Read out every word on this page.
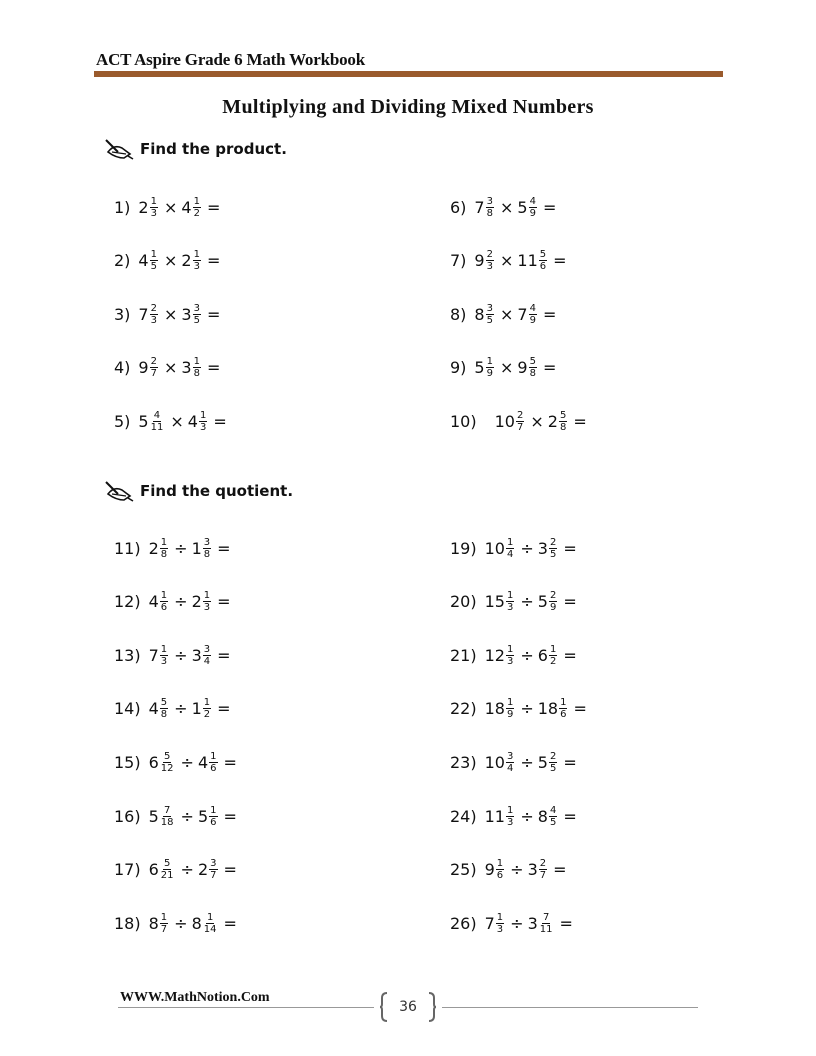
ACT Aspire Grade 6 Math Workbook
Multiplying and Dividing Mixed Numbers
Find the product.
Find the quotient.
1) $2 \frac{1}{3} \times 4 \frac{1}{2}$ =
2) $4 \frac{1}{5} \times 2 \frac{1}{3}$ =
3) $7 \frac{2}{3} \times 3 \frac{3}{5}$ =
4) $9 \frac{2}{7} \times 3 \frac{1}{8}$ =
5) $5 \frac{4}{11} \times 4 \frac{1}{3}$ =
6) $7 \frac{3}{8} \times 5 \frac{4}{9}$ =
7) $9 \frac{2}{3} \times 11 \frac{5}{6}$ =
8) $8 \frac{3}{5} \times 7 \frac{4}{9}$ =
9) $5 \frac{1}{9} \times 9 \frac{5}{8}$ =
10) $10 \frac{2}{7} \times 2 \frac{5}{8}$ =
11) $2 \frac{1}{8} \div 1 \frac{3}{8}$ =
12) $4 \frac{1}{6} \div 2 \frac{1}{3}$ =
13) $7 \frac{1}{3} \div 3 \frac{3}{4}$ =
14) $4 \frac{5}{8} \div 1 \frac{1}{2}$ =
15) $6 \frac{5}{12} \div 4 \frac{1}{6}$ =
16) $5 \frac{7}{18} \div 5 \frac{1}{6}$ =
17) $6 \frac{5}{21} \div 2 \frac{3}{7}$ =
18) $8 \frac{1}{7} \div 8 \frac{1}{14}$ =
19) $10 \frac{1}{4} \div 3 \frac{2}{5}$ =
20) $15 \frac{1}{3} \div 5 \frac{2}{9}$ =
21) $12 \frac{1}{3} \div 6 \frac{1}{2}$ =
22) $18 \frac{1}{9} \div 18 \frac{1}{6}$ =
23) $10 \frac{3}{4} \div 5 \frac{2}{5}$ =
24) $11 \frac{1}{3} \div 8 \frac{4}{5}$ =
25) $9 \frac{1}{6} \div 3 \frac{2}{7}$ =
26) $7 \frac{1}{3} \div 3 \frac{7}{11}$ =
WWW.MathNotion.Com
36
